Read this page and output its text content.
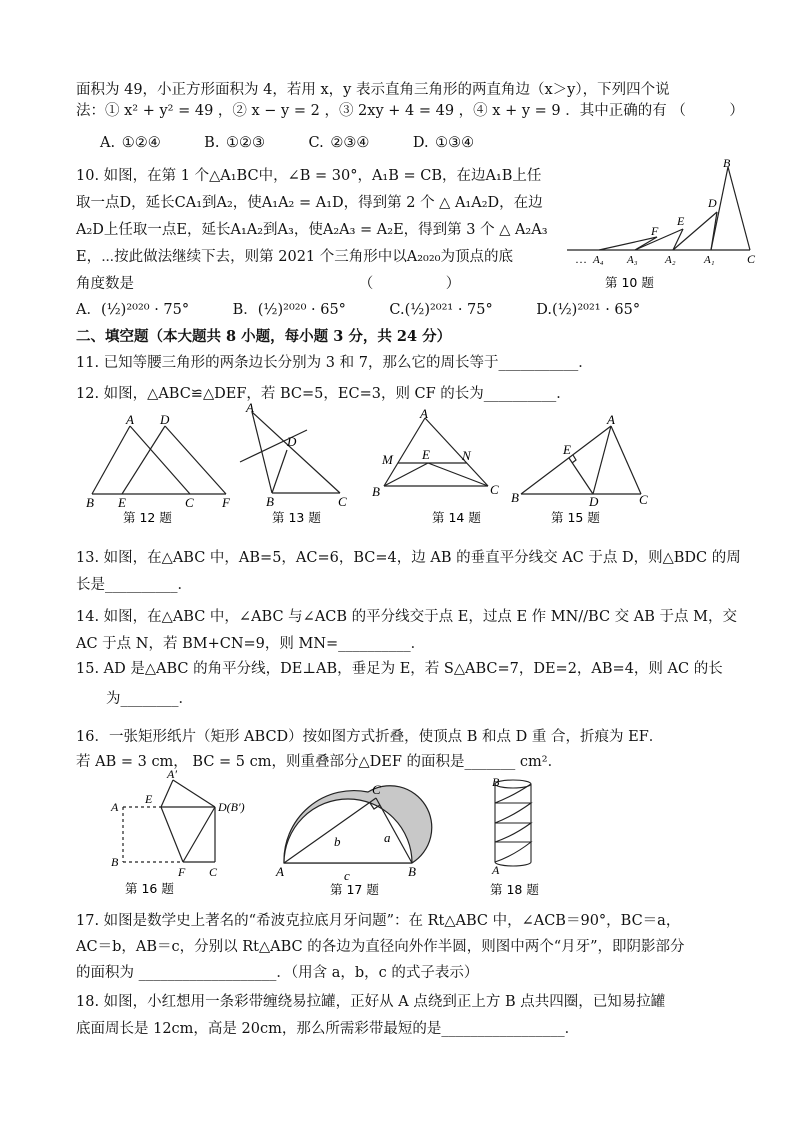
面积为 49，小正方形面积为 4，若用 x，y 表示直角三角形的两直角边（x＞y），下列四个说
法：① x² + y² = 49 ，② x − y = 2 ，③ 2xy + 4 = 49 ，④ x + y = 9 ．其中正确的有 （　　　）
A. ①②④　　　B. ①②③　　　C. ②③④　　　D. ①③④
10. 如图，在第 1 个△A₁BC中，∠B = 30°，A₁B = CB，在边A₁B上任
取一点D，延长CA₁到A₂，使A₁A₂ = A₁D，得到第 2 个 △ A₁A₂D，在边
A₂D上任取一点E，延长A₁A₂到A₃，使A₂A₃ = A₂E，得到第 3 个 △ A₂A₃
E，⋯按此做法继续下去，则第 2021 个三角形中以A₂₀₂₀为顶点的底
角度数是　　　　　　　　　　　　　　　　（　　　　　）
A．(½)²⁰²⁰ · 75°　　　B．(½)²⁰²⁰ · 65°　　　C.(½)²⁰²¹ · 75°　　　D.(½)²⁰²¹ · 65°
B
D
E
F
… A₄ A₃ A₂	A₁	C
第 10 题
二、填空题（本大题共 8 小题，每小题 3 分，共 24 分）
11. 已知等腰三角形的两条边长分别为 3 和 7，那么它的周长等于___________．
12. 如图，△ABC≌△DEF，若 BC=5，EC=3，则 CF 的长为__________．
A D
B E	C F
第 12 题
A
D
B	C
第 13 题
A
M E N
B	C
第 14 题
E
A
B	D	C
第 15 题
13. 如图，在△ABC 中，AB=5，AC=6，BC=4，边 AB 的垂直平分线交 AC 于点 D，则△BDC 的周
长是__________．
14. 如图，在△ABC 中，∠ABC 与∠ACB 的平分线交于点 E，过点 E 作 MN//BC 交 AB 于点 M，交
AC 于点 N，若 BM+CN=9，则 MN=__________．
15. AD 是△ABC 的角平分线，DE⊥AB，垂足为 E，若 S△ABC=7，DE=2，AB=4，则 AC 的长
为________．
16．一张矩形纸片（矩形 ABCD）按如图方式折叠，使顶点 B 和点 D 重 合，折痕为 EF．
若 AB = 3 cm， BC = 5 cm，则重叠部分△DEF 的面积是_______ cm²．
A′
A
E
D(B′)
B
F C
第 16 题
C
b	a
A	c	B
第 17 题
B
A
第 18 题
17. 如图是数学史上著名的“希波克拉底月牙问题”：在 Rt△ABC 中，∠ACB＝90°，BC＝a，
AC＝b，AB＝c，分别以 Rt△ABC 的各边为直径向外作半圆，则图中两个“月牙”，即阴影部分
的面积为 ___________________．（用含 a，b，c 的式子表示）
18. 如图，小红想用一条彩带缠绕易拉罐，正好从 A 点绕到正上方 B 点共四圈，已知易拉罐
底面周长是 12cm，高是 20cm，那么所需彩带最短的是_________________．
